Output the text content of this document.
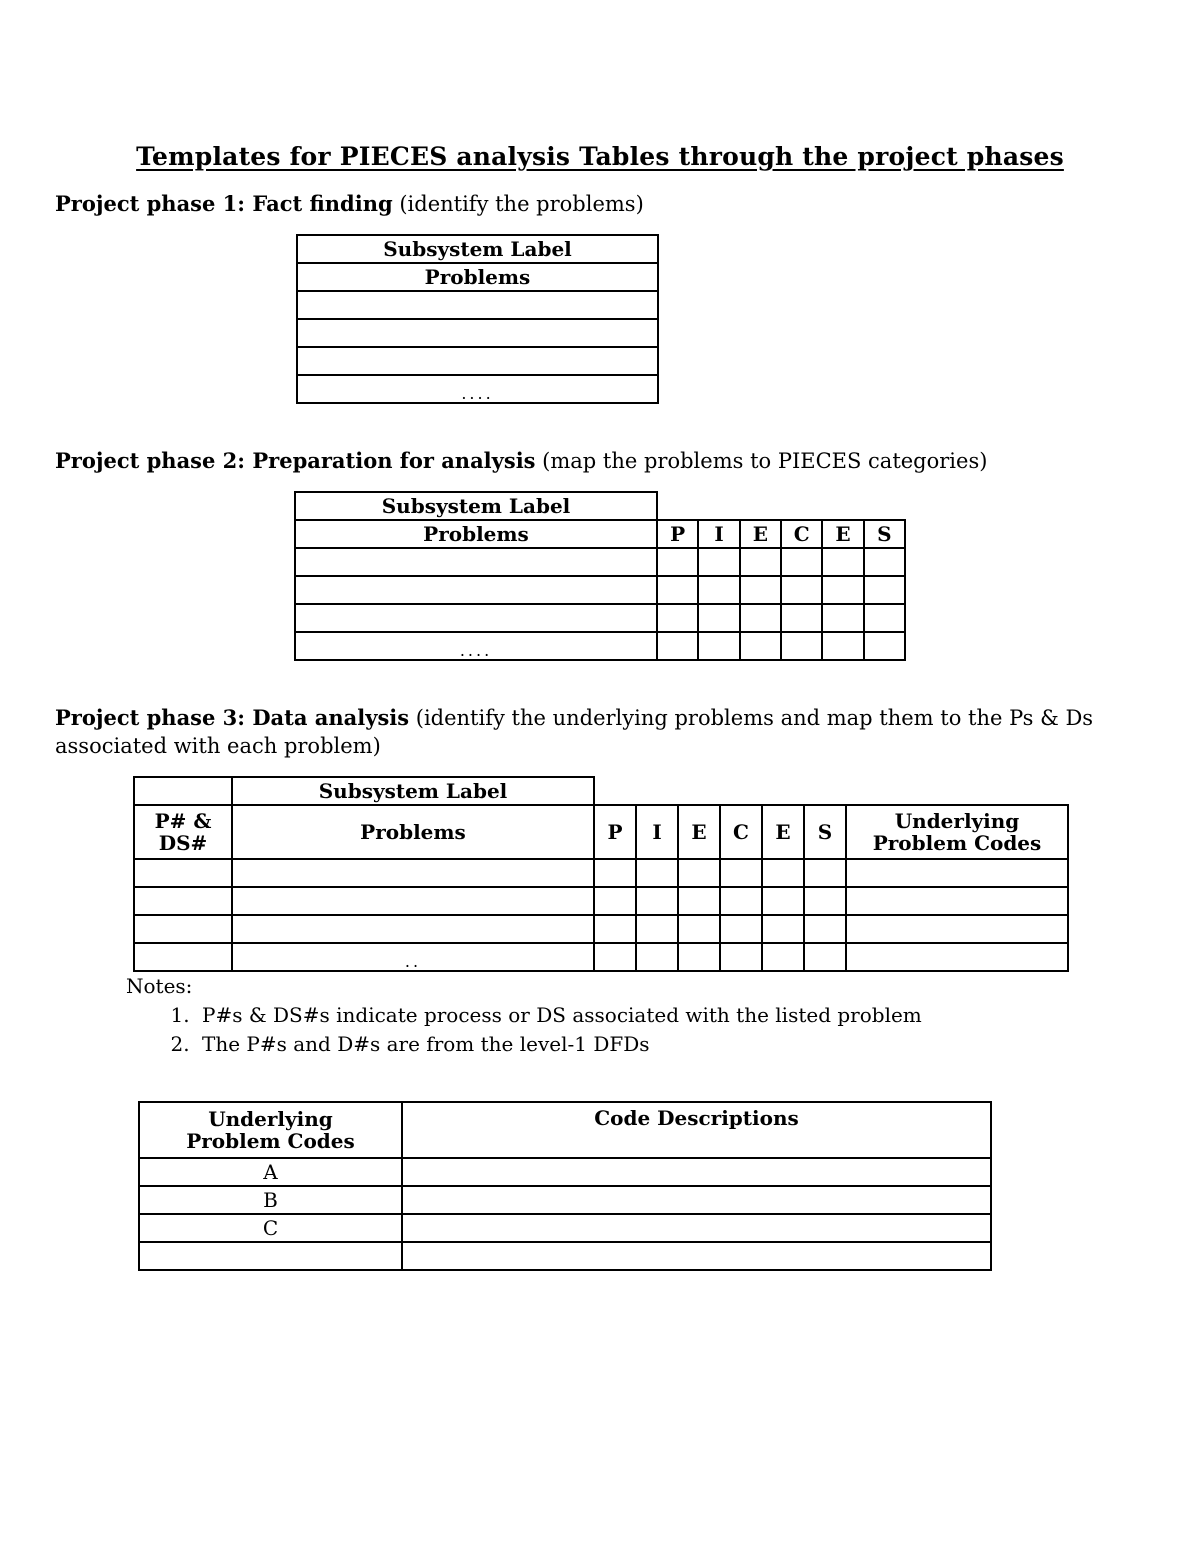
Templates for PIECES analysis Tables through the project phases
Project phase 1: Fact finding (identify the problems)
Subsystem Label
Problems

....
Project phase 2: Preparation for analysis (map the problems to PIECES categories)
Subsystem Label						
Problems	P	I	E	C	E	S

....						
Project phase 3: Data analysis (identify the underlying problems and map them to the Ps & Ds associated with each problem)
	Subsystem Label							
P# & DS#	Problems	P	I	E	C	E	S	Underlying Problem Codes

	..							
Notes:
1. P#s & DS#s indicate process or DS associated with the listed problem
2. The P#s and D#s are from the level-1 DFDs
Underlying Problem Codes	Code Descriptions
A	
B	
C	
